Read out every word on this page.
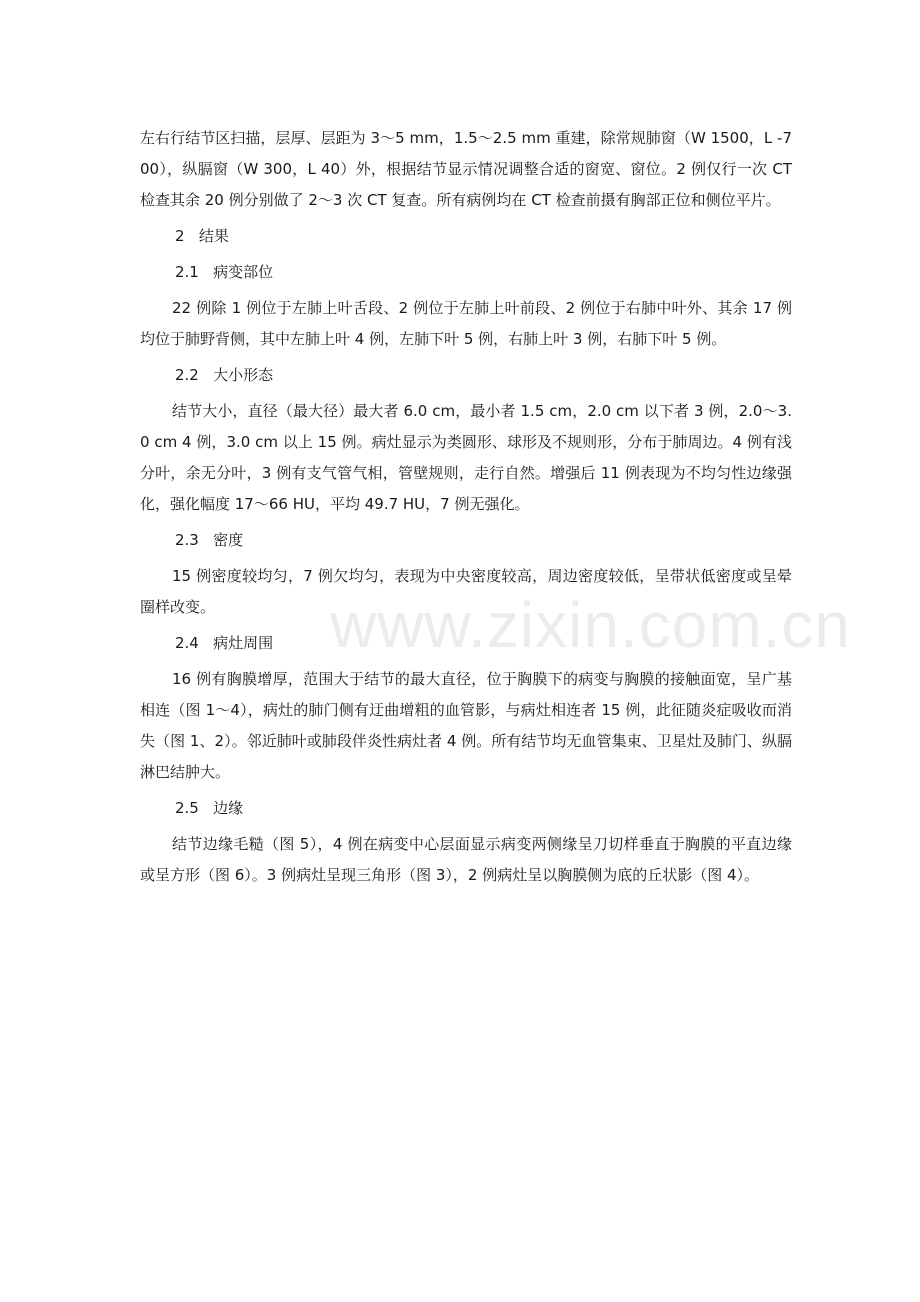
左右行结节区扫描，层厚、层距为 3～5 mm，1.5～2.5 mm 重建，除常规肺窗（W 1500，L -700），纵膈窗（W 300，L 40）外，根据结节显示情况调整合适的窗宽、窗位。2 例仅行一次 CT 检查其余 20 例分别做了 2～3 次 CT 复查。所有病例均在 CT 检查前摄有胸部正位和侧位平片。

2   结果

2.1   病变部位

22 例除 1 例位于左肺上叶舌段、2 例位于左肺上叶前段、2 例位于右肺中叶外、其余 17 例均位于肺野背侧，其中左肺上叶 4 例，左肺下叶 5 例，右肺上叶 3 例，右肺下叶 5 例。

2.2   大小形态

结节大小，直径（最大径）最大者 6.0 cm，最小者 1.5 cm，2.0 cm 以下者 3 例，2.0～3.0 cm 4 例，3.0 cm 以上 15 例。病灶显示为类圆形、球形及不规则形，分布于肺周边。4 例有浅分叶，余无分叶，3 例有支气管气相，管壁规则，走行自然。增强后 11 例表现为不均匀性边缘强化，强化幅度 17～66 HU，平均 49.7 HU，7 例无强化。

2.3   密度

15 例密度较均匀，7 例欠均匀，表现为中央密度较高，周边密度较低，呈带状低密度或呈晕圈样改变。

2.4   病灶周围

16 例有胸膜增厚，范围大于结节的最大直径，位于胸膜下的病变与胸膜的接触面宽，呈广基相连（图 1～4），病灶的肺门侧有迂曲增粗的血管影，与病灶相连者 15 例，此征随炎症吸收而消失（图 1、2）。邻近肺叶或肺段伴炎性病灶者 4 例。所有结节均无血管集束、卫星灶及肺门、纵膈淋巴结肿大。

2.5   边缘

结节边缘毛糙（图 5），4 例在病变中心层面显示病变两侧缘呈刀切样垂直于胸膜的平直边缘或呈方形（图 6）。3 例病灶呈现三角形（图 3），2 例病灶呈以胸膜侧为底的丘状影（图 4）。

www.zixin.com.cn
